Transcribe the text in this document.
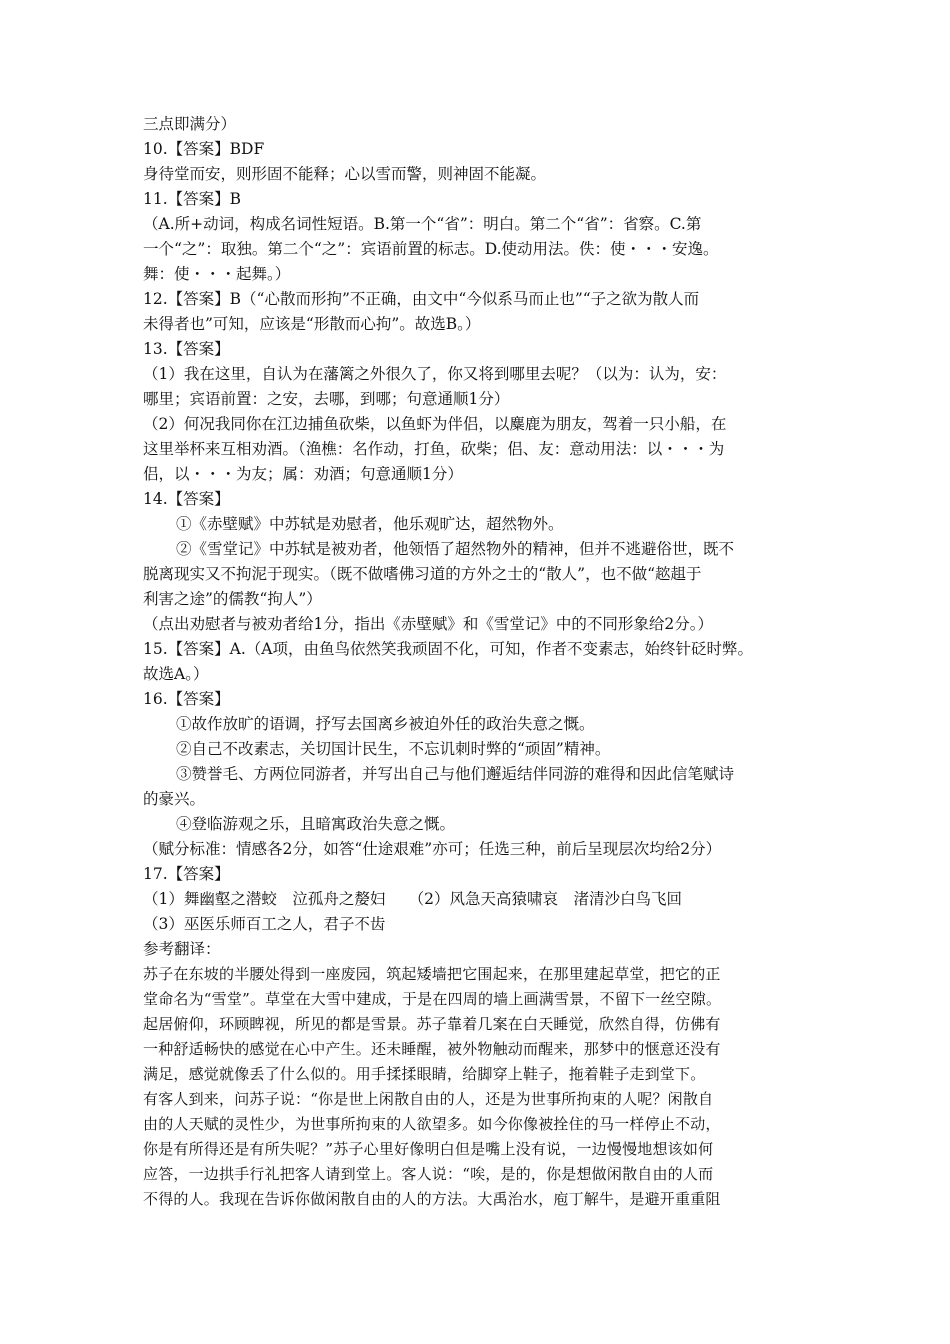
三点即满分）
10.【答案】BDF
身待堂而安，则形固不能释；心以雪而警，则神固不能凝。
11.【答案】B
（A.所+动词，构成名词性短语。B.第一个“省”：明白。第二个“省”：省察。C.第
一个“之”：取独。第二个“之”：宾语前置的标志。D.使动用法。佚：使・・・安逸。
舞：使・・・起舞。）
12.【答案】B（“心散而形拘”不正确，由文中“今似系马而止也”“子之欲为散人而
未得者也”可知，应该是“形散而心拘”。故选B。）
13.【答案】
（1）我在这里，自认为在藩篱之外很久了，你又将到哪里去呢？（以为：认为，安：
哪里；宾语前置：之安，去哪，到哪；句意通顺1分）
（2）何况我同你在江边捕鱼砍柴，以鱼虾为伴侣，以麋鹿为朋友，驾着一只小船，在
这里举杯来互相劝酒。（渔樵：名作动，打鱼，砍柴；侣、友：意动用法：以・・・为
侣，以・・・为友；属：劝酒；句意通顺1分）
14.【答案】
①《赤壁赋》中苏轼是劝慰者，他乐观旷达，超然物外。
②《雪堂记》中苏轼是被劝者，他领悟了超然物外的精神，但并不逃避俗世，既不
脱离现实又不拘泥于现实。（既不做嗜佛习道的方外之士的“散人”，也不做“趑趄于
利害之途”的儒教“拘人”）
（点出劝慰者与被劝者给1分，指出《赤壁赋》和《雪堂记》中的不同形象给2分。）
15.【答案】A.（A项，由鱼鸟依然笑我顽固不化，可知，作者不变素志，始终针砭时弊。
故选A。）
16.【答案】
①故作放旷的语调，抒写去国离乡被迫外任的政治失意之慨。
②自己不改素志，关切国计民生，不忘讥刺时弊的“顽固”精神。
③赞誉毛、方两位同游者，并写出自己与他们邂逅结伴同游的难得和因此信笔赋诗
的豪兴。
④登临游观之乐，且暗寓政治失意之慨。
（赋分标准：情感各2分，如答“仕途艰难”亦可；任选三种，前后呈现层次均给2分）
17.【答案】
（1）舞幽壑之潜蛟　泣孤舟之嫠妇　　（2）风急天高猿啸哀　渚清沙白鸟飞回
（3）巫医乐师百工之人，君子不齿
参考翻译：
苏子在东坡的半腰处得到一座废园，筑起矮墙把它围起来，在那里建起草堂，把它的正
堂命名为“雪堂”。草堂在大雪中建成，于是在四周的墙上画满雪景，不留下一丝空隙。
起居俯仰，环顾睥视，所见的都是雪景。苏子靠着几案在白天睡觉，欣然自得，仿佛有
一种舒适畅快的感觉在心中产生。还未睡醒，被外物触动而醒来，那梦中的惬意还没有
满足，感觉就像丢了什么似的。用手揉揉眼睛，给脚穿上鞋子，拖着鞋子走到堂下。
有客人到来，问苏子说：“你是世上闲散自由的人，还是为世事所拘束的人呢？闲散自
由的人天赋的灵性少，为世事所拘束的人欲望多。如今你像被拴住的马一样停止不动，
你是有所得还是有所失呢？”苏子心里好像明白但是嘴上没有说，一边慢慢地想该如何
应答，一边拱手行礼把客人请到堂上。客人说：“唉，是的，你是想做闲散自由的人而
不得的人。我现在告诉你做闲散自由的人的方法。大禹治水，庖丁解牛，是避开重重阻
